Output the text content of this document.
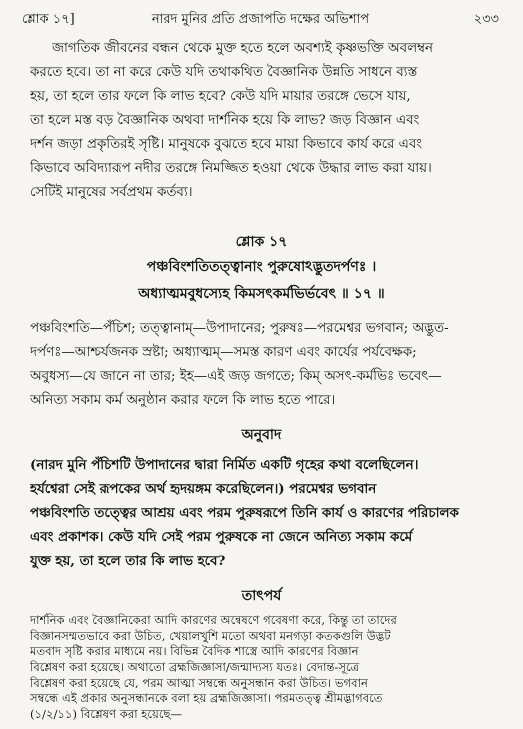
শ্লোক ১৭]	নারদ মুনির প্রতি প্রজাপতি দক্ষের অভিশাপ	২৩৩
জাগতিক জীবনের বন্ধন থেকে মুক্ত হতে হলে অবশ্যই কৃষ্ণভক্তি অবলম্বন
করতে হবে। তা না করে কেউ যদি তথাকথিত বৈজ্ঞানিক উন্নতি সাধনে ব্যস্ত
হয়, তা হলে তার ফলে কি লাভ হবে? কেউ যদি মায়ার তরঙ্গে ভেসে যায়,
তা হলে মস্ত বড় বৈজ্ঞানিক অথবা দার্শনিক হয়ে কি লাভ? জড় বিজ্ঞান এবং
দর্শন জড়া প্রকৃতিরই সৃষ্টি। মানুষকে বুঝতে হবে মায়া কিভাবে কার্য করে এবং
কিভাবে অবিদ্যারূপ নদীর তরঙ্গে নিমজ্জিত হওয়া থেকে উদ্ধার লাভ করা যায়।
সেটিই মানুষের সর্বপ্রথম কর্তব্য।
শ্লোক ১৭
পঞ্চবিংশতিতত্ত্বানাং পুরুষোঽদ্ভুতদর্পণঃ ।
অধ্যাত্মমবুধস্যেহ কিমসৎকর্মভির্ভবেৎ ॥ ১৭ ॥
পঞ্চবিংশতি—পঁচিশ; তত্ত্বানাম্—উপাদানের; পুরুষঃ—পরমেশ্বর ভগবান; অদ্ভুত-
দর্পণঃ—আশ্চর্যজনক স্রষ্টা; অধ্যাত্মম্—সমস্ত কারণ এবং কার্যের পর্যবেক্ষক;
অবুধস্য—যে জানে না তার; ইহ—এই জড় জগতে; কিম্ অসৎ-কর্মভিঃ ভবেৎ—
অনিত্য সকাম কর্ম অনুষ্ঠান করার ফলে কি লাভ হতে পারে।
অনুবাদ
(নারদ মুনি পঁচিশটি উপাদানের দ্বারা নির্মিত একটি গৃহের কথা বলেছিলেন।
হর্যশ্বেরা সেই রূপকের অর্থ হৃদয়ঙ্গম করেছিলেন।) পরমেশ্বর ভগবান
পঞ্চবিংশতি তত্ত্বের আশ্রয় এবং পরম পুরুষরূপে তিনি কার্য ও কারণের পরিচালক
এবং প্রকাশক। কেউ যদি সেই পরম পুরুষকে না জেনে অনিত্য সকাম কর্মে
যুক্ত হয়, তা হলে তার কি লাভ হবে?
তাৎপর্য
দার্শনিক এবং বৈজ্ঞানিকেরা আদি কারণের অন্বেষণে গবেষণা করে, কিন্তু তা তাদের
বিজ্ঞানসম্মতভাবে করা উচিত, খেয়ালখুশি মতো অথবা মনগড়া কতকগুলি উদ্ভট
মতবাদ সৃষ্টি করার মাধ্যমে নয়। বিভিন্ন বৈদিক শাস্ত্রে আদি কারণের বিজ্ঞান
বিশ্লেষণ করা হয়েছে। অথাতো ব্রহ্মজিজ্ঞাসা/জন্মাদ্যস্য যতঃ। বেদান্ত-সূত্রে
বিশ্লেষণ করা হয়েছে যে, পরম আত্মা সম্বন্ধে অনুসন্ধান করা উচিত। ভগবান
সম্বন্ধে এই প্রকার অনুসন্ধানকে বলা হয় ব্রহ্মজিজ্ঞাসা। পরমতত্ত্ব শ্রীমদ্ভাগবতে
(১/২/১১) বিশ্লেষণ করা হয়েছে—
